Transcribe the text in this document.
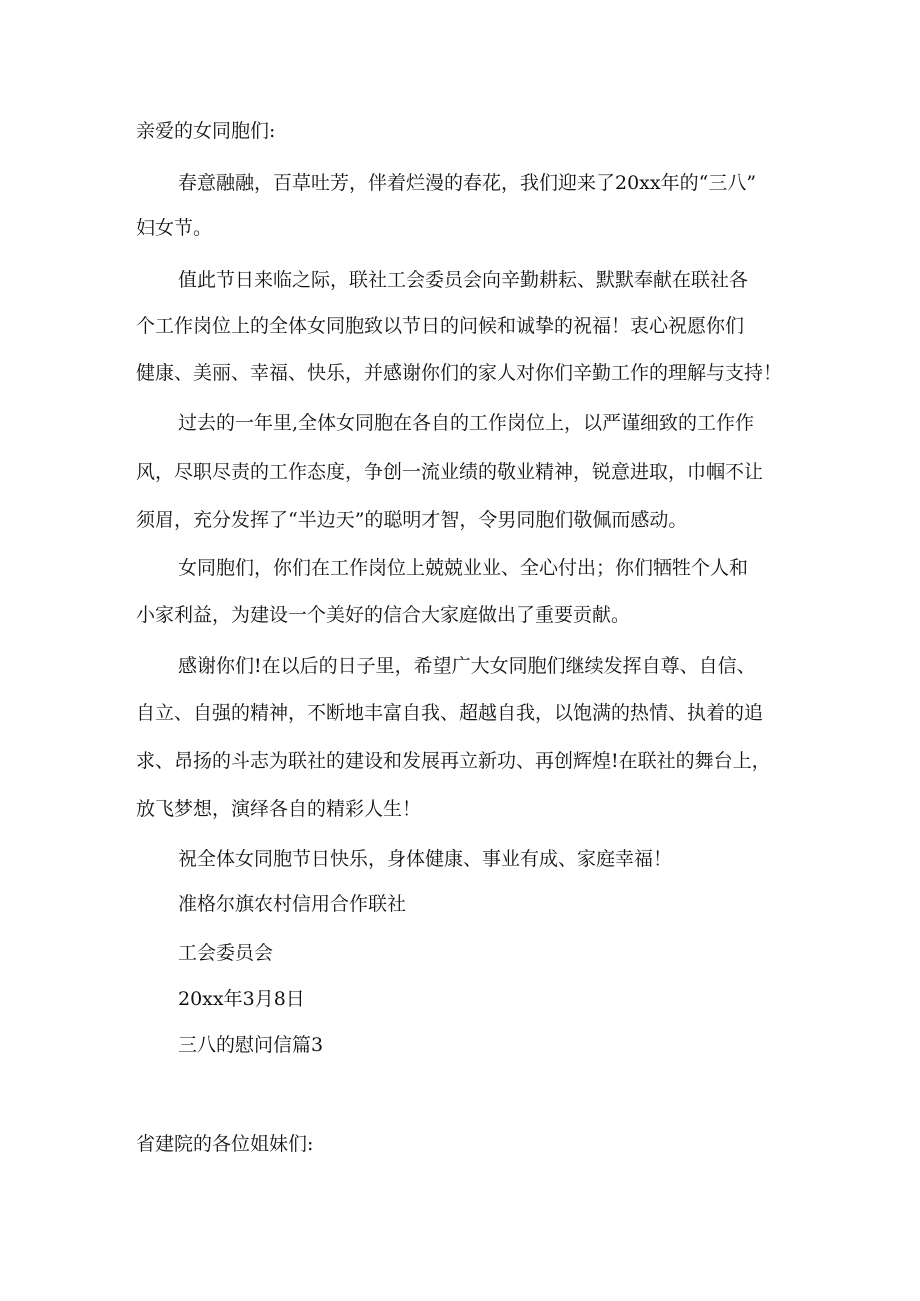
亲爱的女同胞们:
春意融融，百草吐芳，伴着烂漫的春花，我们迎来了20xx年的“三八”
妇女节。
值此节日来临之际，联社工会委员会向辛勤耕耘、默默奉献在联社各
个工作岗位上的全体女同胞致以节日的问候和诚挚的祝福！衷心祝愿你们
健康、美丽、幸福、快乐，并感谢你们的家人对你们辛勤工作的理解与支持！
过去的一年里,全体女同胞在各自的工作岗位上，以严谨细致的工作作
风，尽职尽责的工作态度，争创一流业绩的敬业精神，锐意进取，巾帼不让
须眉，充分发挥了“半边天”的聪明才智，令男同胞们敬佩而感动。
女同胞们，你们在工作岗位上兢兢业业、全心付出；你们牺牲个人和
小家利益，为建设一个美好的信合大家庭做出了重要贡献。
感谢你们!在以后的日子里，希望广大女同胞们继续发挥自尊、自信、
自立、自强的精神，不断地丰富自我、超越自我，以饱满的热情、执着的追
求、昂扬的斗志为联社的建设和发展再立新功、再创辉煌!在联社的舞台上，
放飞梦想，演绎各自的精彩人生！
祝全体女同胞节日快乐，身体健康、事业有成、家庭幸福！
准格尔旗农村信用合作联社
工会委员会
20xx年3月8日
三八的慰问信篇3
省建院的各位姐妹们:
